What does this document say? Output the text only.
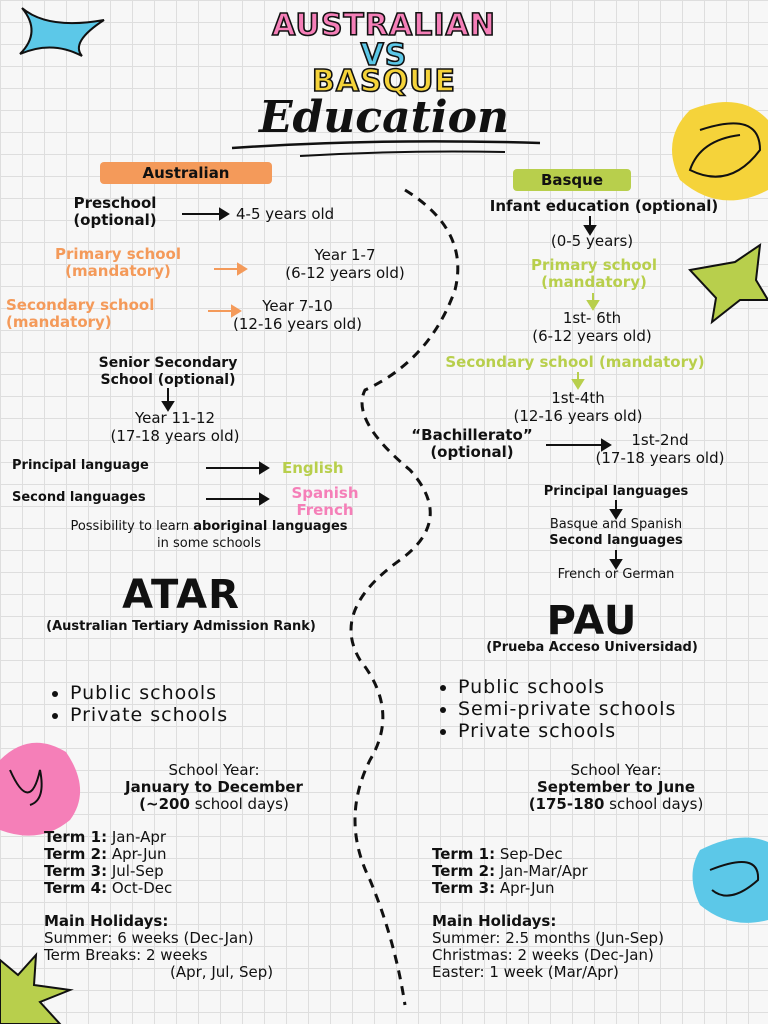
AUSTRALIAN
VS
BASQUE
Education
Australian	Basque
Preschool
(optional)	4-5 years old
Primary school
(mandatory)
Year 1-7
(6-12 years old)
Secondary school
(mandatory)
Year 7-10
(12-16 years old)
Senior Secondary
School (optional)
Year 11-12
(17-18 years old)
Principal language	English
Second languages	Spanish
French
Possibility to learn aboriginal languages
in some schools
ATAR
(Australian Tertiary Admission Rank)
• Public schools
• Private schools
School Year:
January to December
(~200 school days)
Term 1: Jan-Apr
Term 2: Apr-Jun
Term 3: Jul-Sep
Term 4: Oct-Dec
Main Holidays:
Summer: 6 weeks (Dec-Jan)
Term Breaks: 2 weeks
(Apr, Jul, Sep)
Infant education (optional)
(0-5 years)
Primary school
(mandatory)
1st- 6th
(6-12 years old)
Secondary school (mandatory)
1st-4th
(12-16 years old)
“Bachillerato”
(optional)
1st-2nd
(17-18 years old)
Principal languages
Basque and Spanish
Second languages
French or German
PAU
(Prueba Acceso Universidad)
• Public schools
• Semi-private schools
• Private schools
School Year:
September to June
(175-180 school days)
Term 1: Sep-Dec
Term 2: Jan-Mar/Apr
Term 3: Apr-Jun
Main Holidays:
Summer: 2.5 months (Jun-Sep)
Christmas: 2 weeks (Dec-Jan)
Easter: 1 week (Mar/Apr)
